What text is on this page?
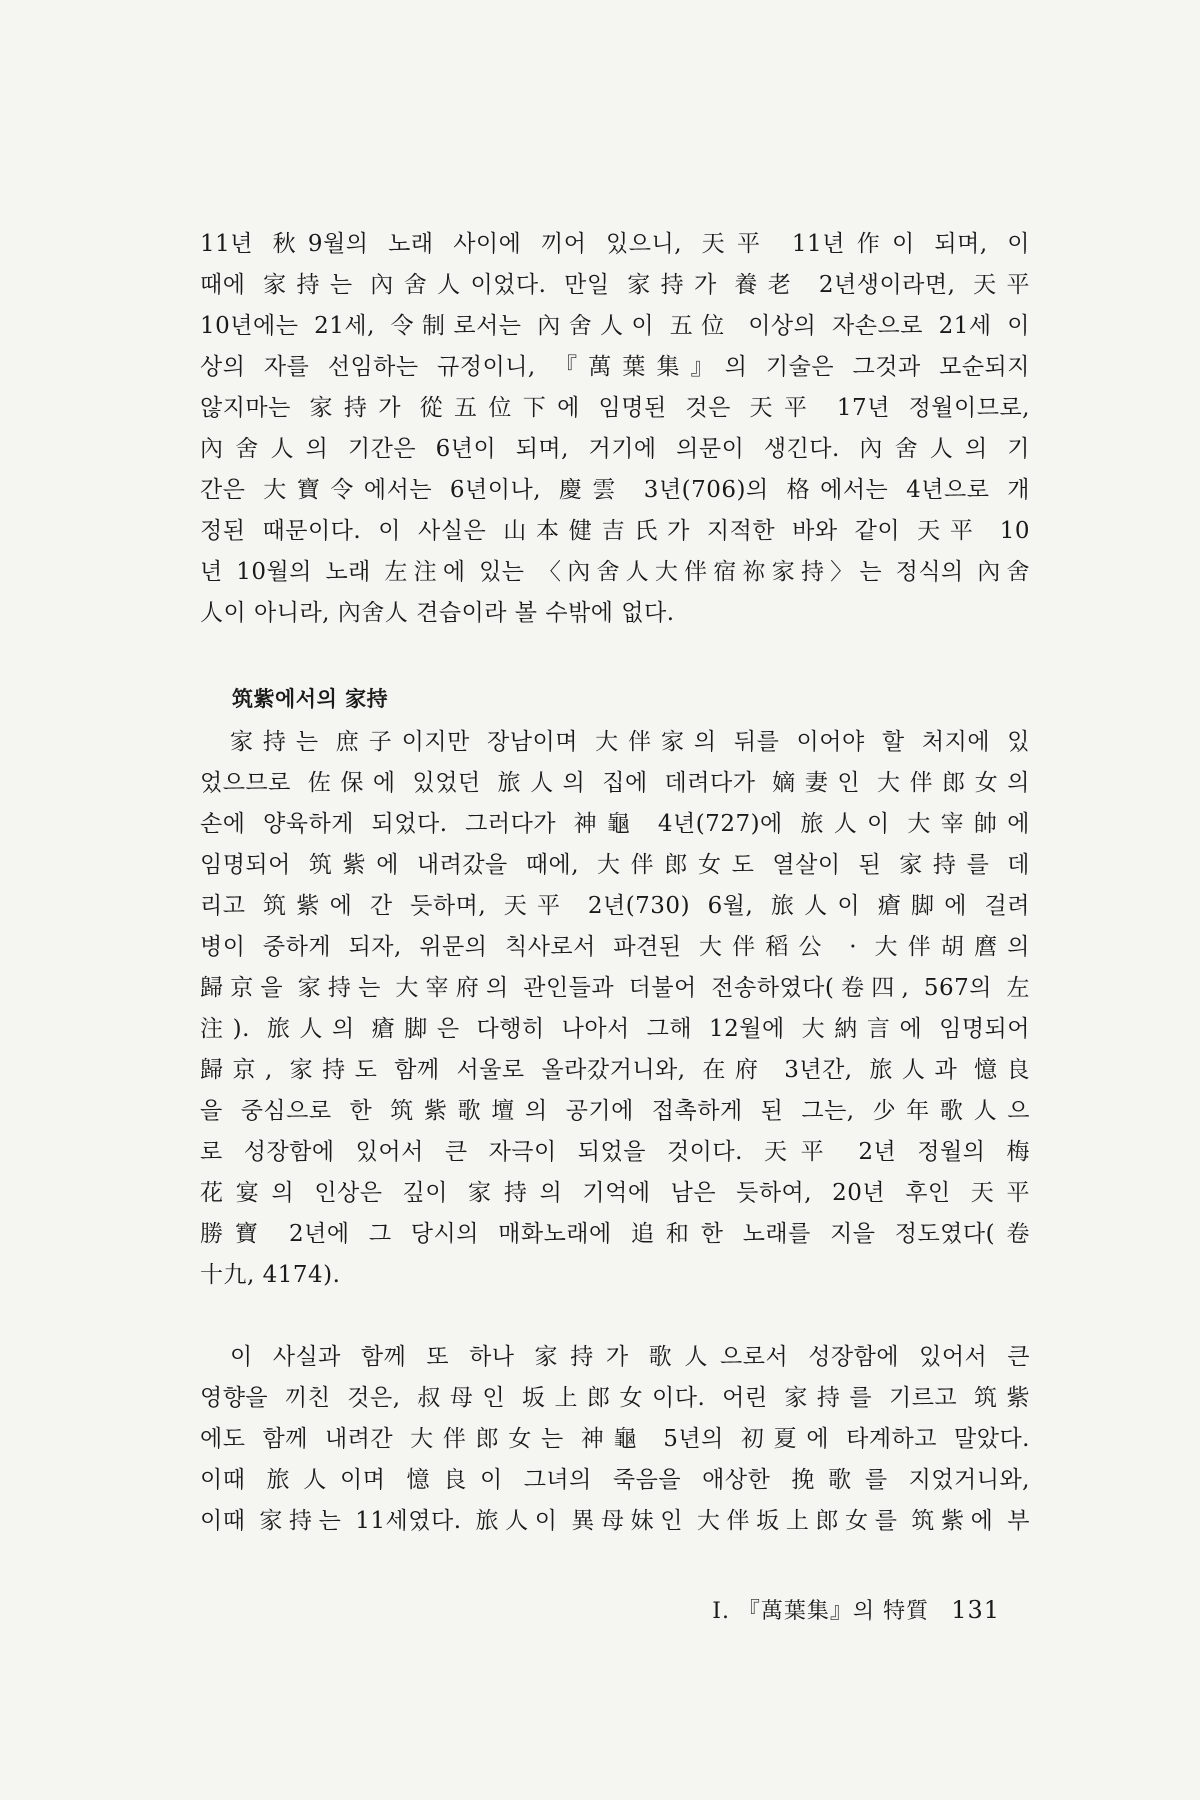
11년 秋9월의 노래 사이에 끼어 있으니, 天平 11년作이 되며, 이

때에 家持는 內舍人이었다. 만일 家持가 養老 2년생이라면, 天平

10년에는 21세, 令制로서는 內舍人이 五位 이상의 자손으로 21세 이

상의 자를 선임하는 규정이니, 『萬葉集』의 기술은 그것과 모순되지

않지마는 家持가 從五位下에 임명된 것은 天平 17년 정월이므로,

內舍人의 기간은 6년이 되며, 거기에 의문이 생긴다. 內舍人의 기

간은 大寶令에서는 6년이나, 慶雲 3년(706)의 格에서는 4년으로 개

정된 때문이다. 이 사실은 山本健吉氏가 지적한 바와 같이 天平 10

년 10월의 노래 左注에 있는 〈內舍人大伴宿祢家持〉는 정식의 內舍

人이 아니라, 內舍人 견습이라 볼 수밖에 없다.

筑紫에서의 家持

家持는 庶子이지만 장남이며 大伴家의 뒤를 이어야 할 처지에 있

었으므로 佐保에 있었던 旅人의 집에 데려다가 嫡妻인 大伴郎女의

손에 양육하게 되었다. 그러다가 神龜 4년(727)에 旅人이 大宰帥에

임명되어 筑紫에 내려갔을 때에, 大伴郎女도 열살이 된 家持를 데

리고 筑紫에 간 듯하며, 天平 2년(730) 6월, 旅人이 瘡脚에 걸려

병이 중하게 되자, 위문의 칙사로서 파견된 大伴稻公 · 大伴胡麿의

歸京을 家持는 大宰府의 관인들과 더불어 전송하였다(卷四, 567의 左

注). 旅人의 瘡脚은 다행히 나아서 그해 12월에 大納言에 임명되어

歸京, 家持도 함께 서울로 올라갔거니와, 在府 3년간, 旅人과 憶良

을 중심으로 한 筑紫歌壇의 공기에 접촉하게 된 그는, 少年歌人으

로 성장함에 있어서 큰 자극이 되었을 것이다. 天平 2년 정월의 梅

花宴의 인상은 깊이 家持의 기억에 남은 듯하여, 20년 후인 天平

勝寶 2년에 그 당시의 매화노래에 追和한 노래를 지을 정도였다(卷

十九, 4174).

이 사실과 함께 또 하나 家持가 歌人으로서 성장함에 있어서 큰

영향을 끼친 것은, 叔母인 坂上郎女이다. 어린 家持를 기르고 筑紫

에도 함께 내려간 大伴郎女는 神龜 5년의 初夏에 타계하고 말았다.

이때 旅人이며 憶良이 그녀의 죽음을 애상한 挽歌를 지었거니와,

이때 家持는 11세였다. 旅人이 異母妹인 大伴坂上郎女를 筑紫에 부

I. 『萬葉集』의 特質 131
